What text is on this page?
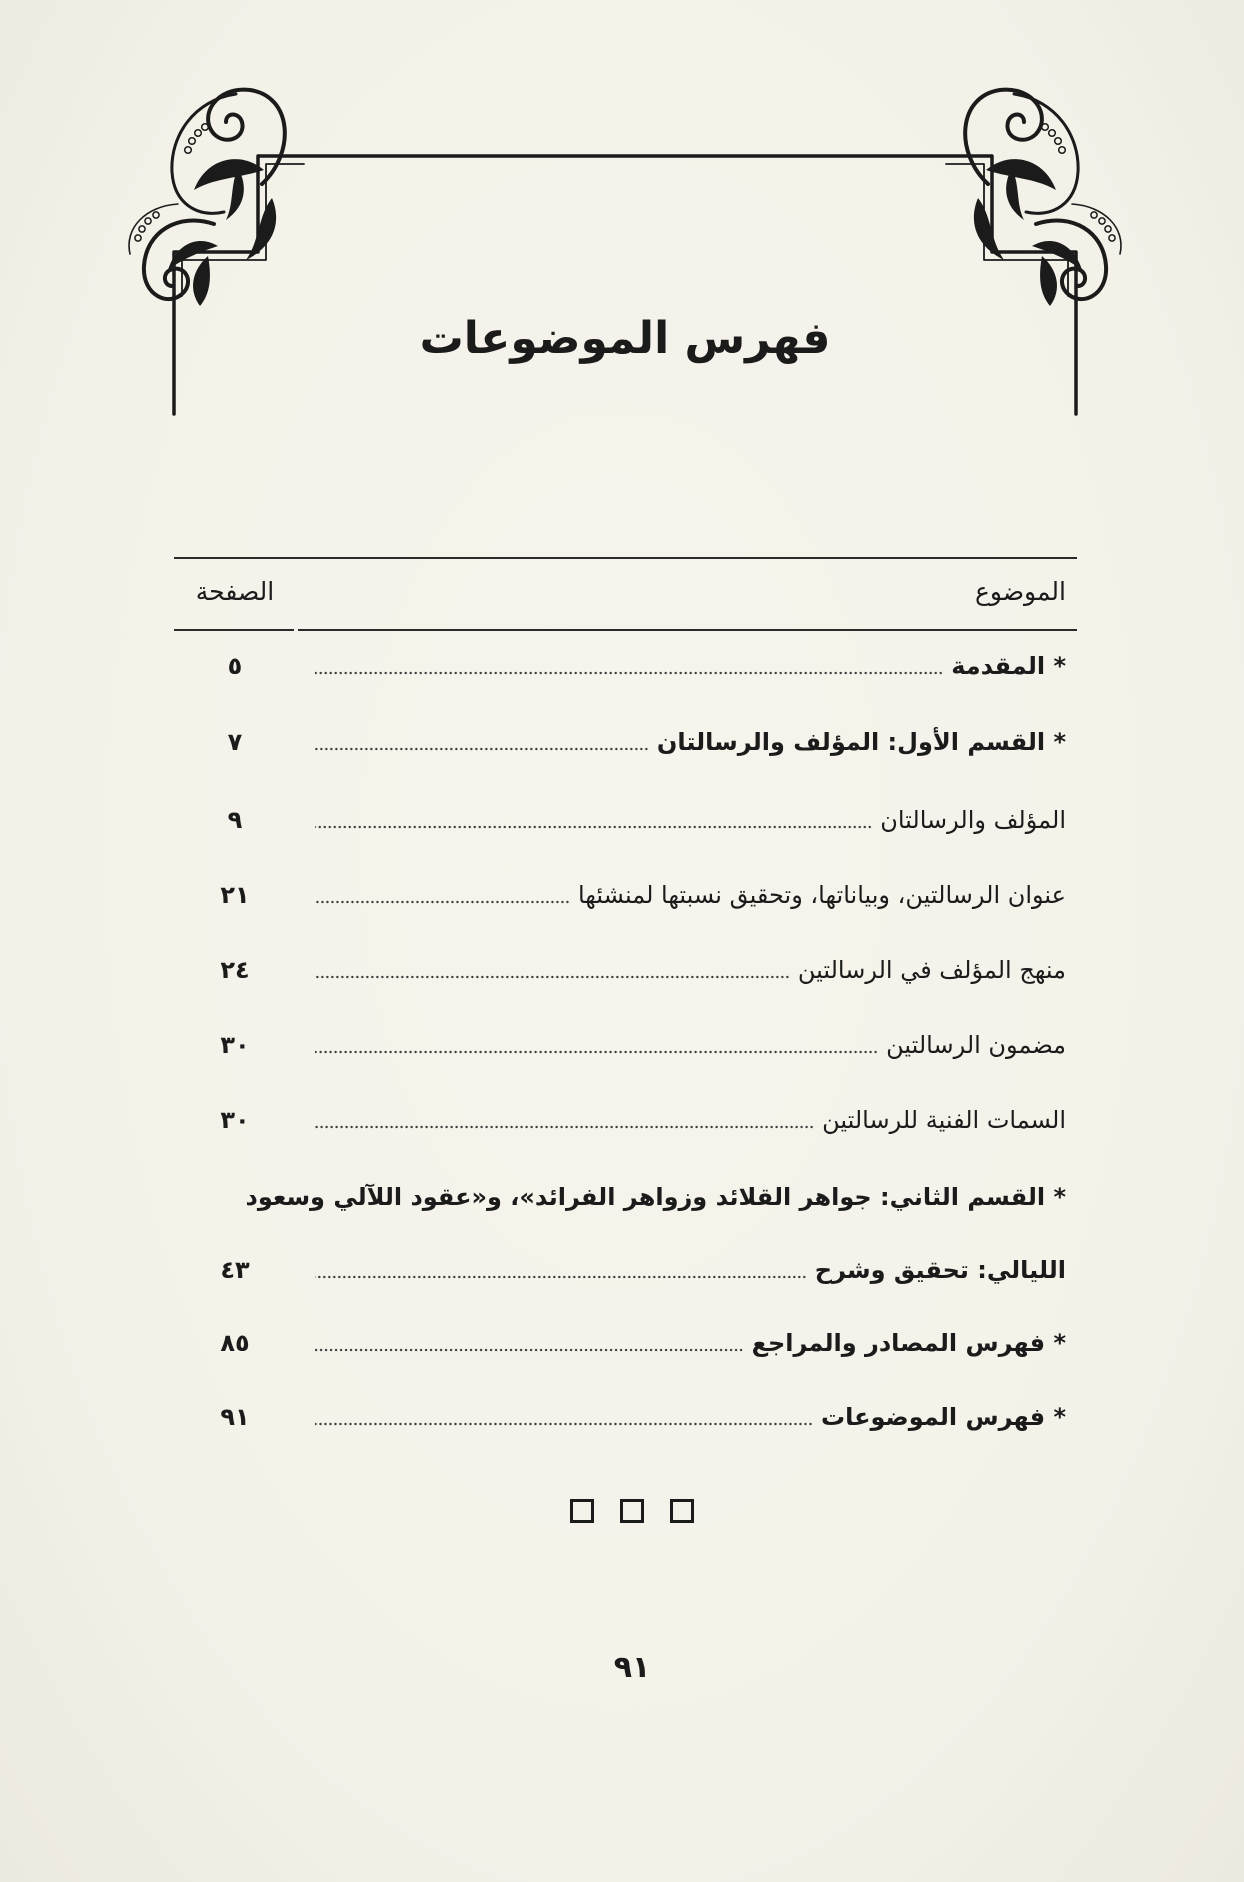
فهرس الموضوعات
الموضوع
الصفحة
* المقدمة
٥
* القسم الأول: المؤلف والرسالتان
٧
المؤلف والرسالتان
٩
عنوان الرسالتين، وبياناتها، وتحقيق نسبتها لمنشئها
٢١
منهج المؤلف في الرسالتين
٢٤
مضمون الرسالتين
٣٠
السمات الفنية للرسالتين
٣٠
* القسم الثاني: جواهر القلائد وزواهر الفرائد»، و«عقود اللآلي وسعود
الليالي: تحقيق وشرح
٤٣
* فهرس المصادر والمراجع
٨٥
* فهرس الموضوعات
٩١
٩١
